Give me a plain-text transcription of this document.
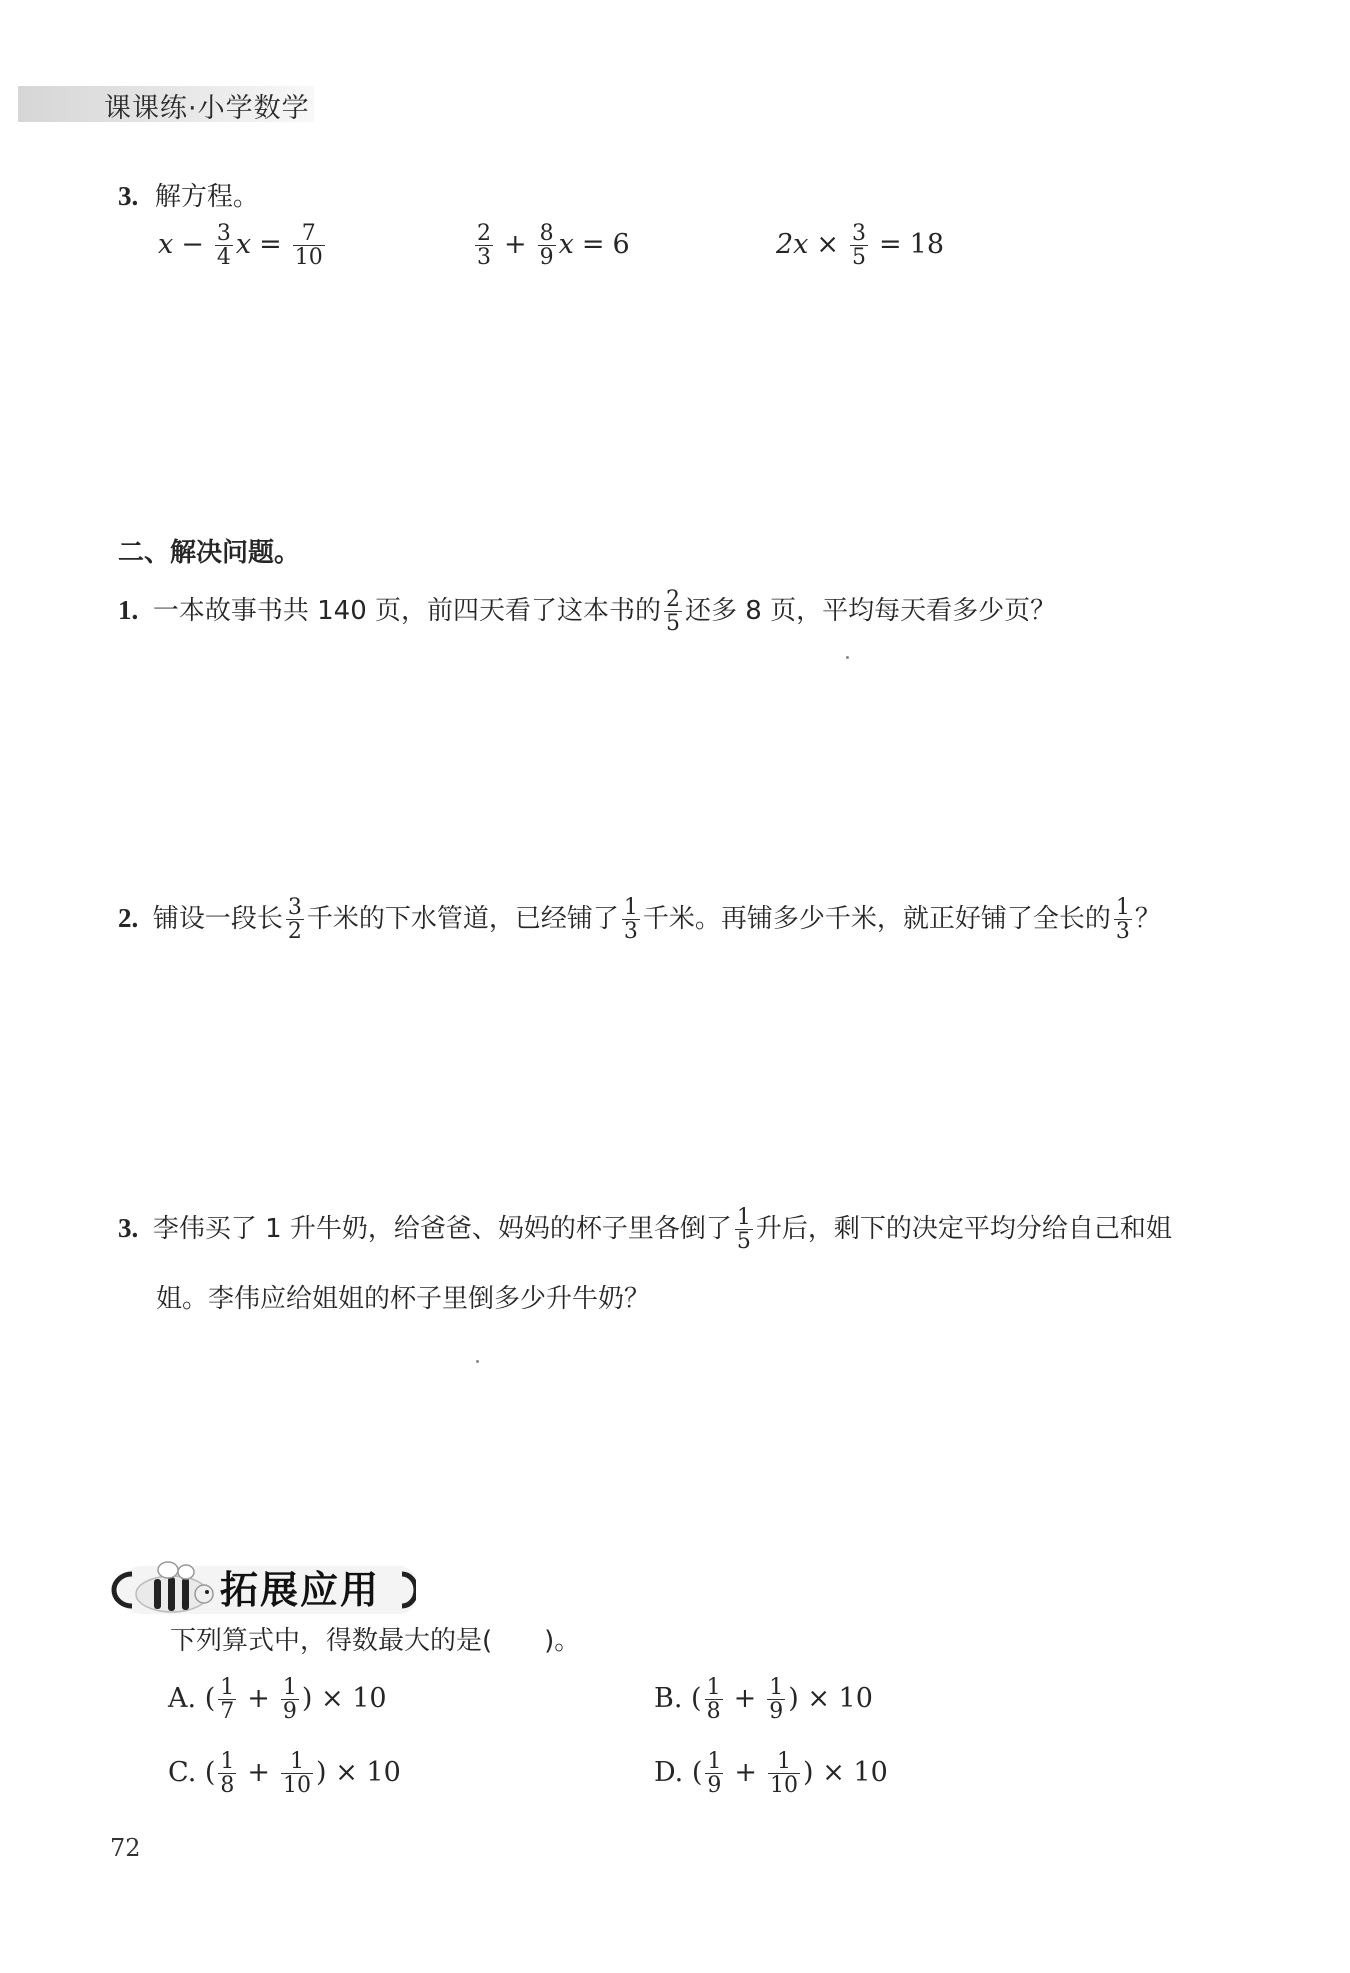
课课练·小学数学
3. 解方程。
$x - \frac{3}{4}$ $x = \frac{7}{10}$	$\frac{2}{3} + \frac{8}{9}$ x = 6	$2x \times \frac{3}{5} = 18$
二、解决问题。
1. 一本故事书共 140 页，前四天看了这本书的 $\frac{2}{5}$ 还多 8 页，平均每天看多少页？
2. 铺设一段长 $\frac{3}{2}$ 千米的下水管道，已经铺了 $\frac{1}{3}$ 千米。再铺多少千米，就正好铺了全长的 $\frac{1}{3}$ ？
3. 李伟买了 1 升牛奶，给爸爸、妈妈的杯子里各倒了 $\frac{1}{5}$ 升后，剩下的决定平均分给自己和姐
姐。李伟应给姐姐的杯子里倒多少升牛奶？
拓展应用
下列算式中，得数最大的是(　　)。
A. ( $\frac{1}{7} + \frac{1}{9}$ ) × 10	B. ( $\frac{1}{8} + \frac{1}{9}$ ) × 10
C. ( $\frac{1}{8} + \frac{1}{10}$ ) × 10	D. ( $\frac{1}{9} + \frac{1}{10}$ ) × 10
72
